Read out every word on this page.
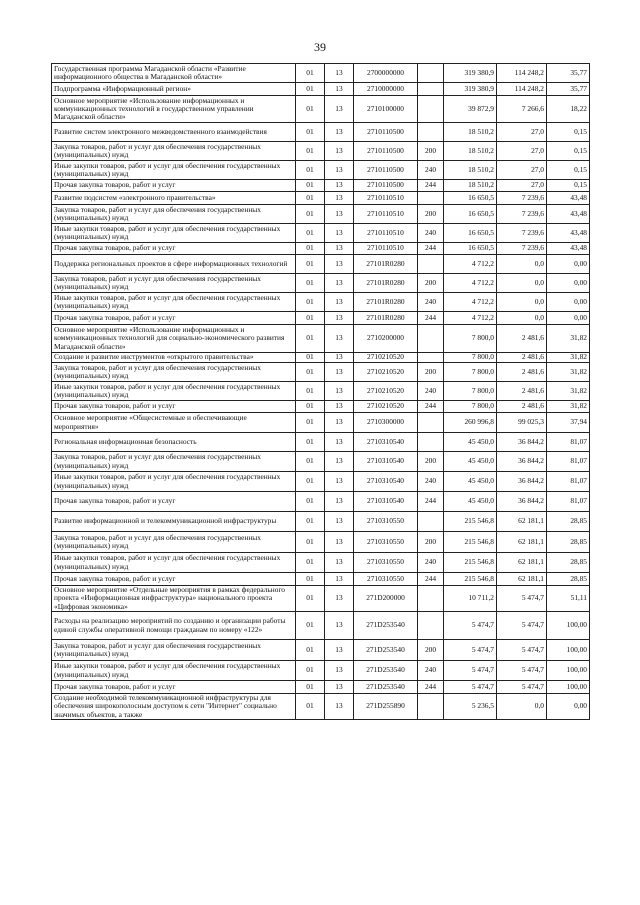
39
Государственная программа Магаданской области «Развитие информационного общества в Магаданской области»	01	13	2700000000		319 380,9	114 248,2	35,77
Подпрограмма «Информационный регион»	01	13	2710000000		319 380,9	114 248,2	35,77
Основное мероприятие «Использование информационных и коммуникационных технологий в государственном управлении Магаданской области»	01	13	2710100000		39 872,9	7 266,6	18,22
Развитие систем электронного межведомственного взаимодействия	01	13	2710110500		18 510,2	27,0	0,15
Закупка товаров, работ и услуг для обеспечения государственных (муниципальных) нужд	01	13	2710110500	200	18 510,2	27,0	0,15
Иные закупки товаров, работ и услуг для обеспечения государственных (муниципальных) нужд	01	13	2710110500	240	18 510,2	27,0	0,15
Прочая закупка товаров, работ и услуг	01	13	2710110500	244	18 510,2	27,0	0,15
Развитие подсистем «электронного правительства»	01	13	2710110510		16 650,5	7 239,6	43,48
Закупка товаров, работ и услуг для обеспечения государственных (муниципальных) нужд	01	13	2710110510	200	16 650,5	7 239,6	43,48
Иные закупки товаров, работ и услуг для обеспечения государственных (муниципальных) нужд	01	13	2710110510	240	16 650,5	7 239,6	43,48
Прочая закупка товаров, работ и услуг	01	13	2710110510	244	16 650,5	7 239,6	43,48
Поддержка региональных проектов в сфере информационных технологий	01	13	27101R0280		4 712,2	0,0	0,00
Закупка товаров, работ и услуг для обеспечения государственных (муниципальных) нужд	01	13	27101R0280	200	4 712,2	0,0	0,00
Иные закупки товаров, работ и услуг для обеспечения государственных (муниципальных) нужд	01	13	27101R0280	240	4 712,2	0,0	0,00
Прочая закупка товаров, работ и услуг	01	13	27101R0280	244	4 712,2	0,0	0,00
Основное мероприятие «Использование информационных и коммуникационных технологий для социально-экономического развития Магаданской области»	01	13	2710200000		7 800,0	2 481,6	31,82
Создание и развитие инструментов «открытого правительства»	01	13	2710210520		7 800,0	2 481,6	31,82
Закупка товаров, работ и услуг для обеспечения государственных (муниципальных) нужд	01	13	2710210520	200	7 800,0	2 481,6	31,82
Иные закупки товаров, работ и услуг для обеспечения государственных (муниципальных) нужд	01	13	2710210520	240	7 800,0	2 481,6	31,82
Прочая закупка товаров, работ и услуг	01	13	2710210520	244	7 800,0	2 481,6	31,82
Основное мероприятие «Общесистемные и обеспечивающие мероприятия»	01	13	2710300000		260 996,8	99 025,3	37,94
Региональная информационная безопасность	01	13	2710310540		45 450,0	36 844,2	81,07
Закупка товаров, работ и услуг для обеспечения государственных (муниципальных) нужд	01	13	2710310540	200	45 450,0	36 844,2	81,07
Иные закупки товаров, работ и услуг для обеспечения государственных (муниципальных) нужд	01	13	2710310540	240	45 450,0	36 844,2	81,07
Прочая закупка товаров, работ и услуг	01	13	2710310540	244	45 450,0	36 844,2	81,07
Развитие информационной и телекоммуникационной инфраструктуры	01	13	2710310550		215 546,8	62 181,1	28,85
Закупка товаров, работ и услуг для обеспечения государственных (муниципальных) нужд	01	13	2710310550	200	215 546,8	62 181,1	28,85
Иные закупки товаров, работ и услуг для обеспечения государственных (муниципальных) нужд	01	13	2710310550	240	215 546,8	62 181,1	28,85
Прочая закупка товаров, работ и услуг	01	13	2710310550	244	215 546,8	62 181,1	28,85
Основное мероприятие «Отдельные мероприятия в рамках федерального проекта «Информационная инфраструктура» национального проекта «Цифровая экономика»	01	13	271D200000		10 711,2	5 474,7	51,11
Расходы на реализацию мероприятий по созданию и организации работы единой службы оперативной помощи гражданам по номеру «122»	01	13	271D253540		5 474,7	5 474,7	100,00
Закупка товаров, работ и услуг для обеспечения государственных (муниципальных) нужд	01	13	271D253540	200	5 474,7	5 474,7	100,00
Иные закупки товаров, работ и услуг для обеспечения государственных (муниципальных) нужд	01	13	271D253540	240	5 474,7	5 474,7	100,00
Прочая закупка товаров, работ и услуг	01	13	271D253540	244	5 474,7	5 474,7	100,00
Создание необходимой телекоммуникационной инфраструктуры для обеспечения широкополосным доступом к сети "Интернет" социально значимых объектов, а также	01	13	271D255890		5 236,5	0,0	0,00
